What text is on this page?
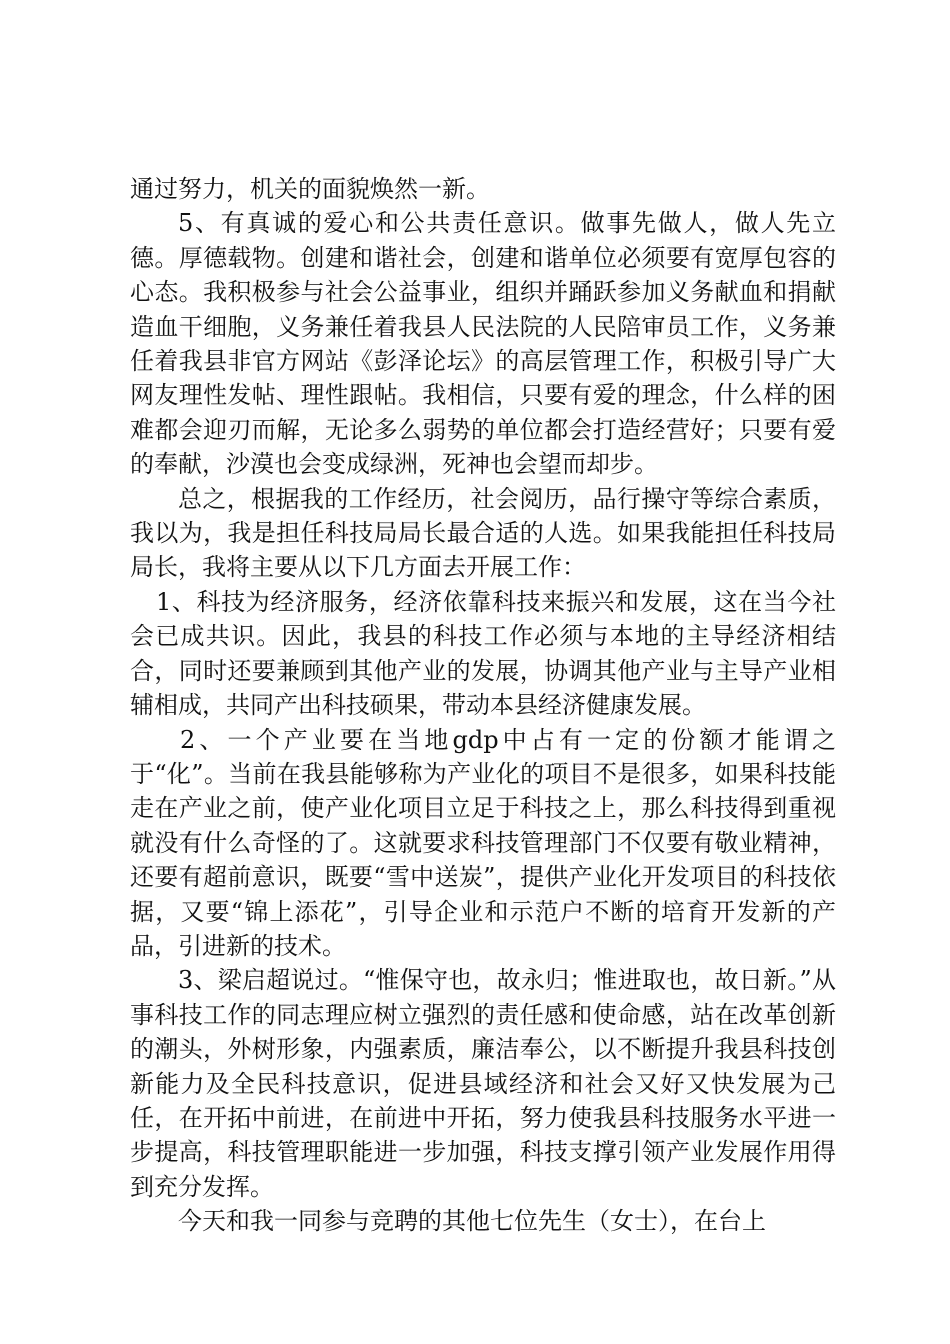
通过努力，机关的面貌焕然一新。

5、有真诚的爱心和公共责任意识。做事先做人，做人先立德。厚德载物。创建和谐社会，创建和谐单位必须要有宽厚包容的心态。我积极参与社会公益事业，组织并踊跃参加义务献血和捐献造血干细胞，义务兼任着我县人民法院的人民陪审员工作，义务兼任着我县非官方网站《彭泽论坛》的高层管理工作，积极引导广大网友理性发帖、理性跟帖。我相信，只要有爱的理念，什么样的困难都会迎刃而解，无论多么弱势的单位都会打造经营好；只要有爱的奉献，沙漠也会变成绿洲，死神也会望而却步。

总之，根据我的工作经历，社会阅历，品行操守等综合素质，我以为，我是担任科技局局长最合适的人选。如果我能担任科技局局长，我将主要从以下几方面去开展工作：

1、科技为经济服务，经济依靠科技来振兴和发展，这在当今社会已成共识。因此，我县的科技工作必须与本地的主导经济相结合，同时还要兼顾到其他产业的发展，协调其他产业与主导产业相辅相成，共同产出科技硕果，带动本县经济健康发展。

2、一个产业要在当地gdp中占有一定的份额才能谓之于“化”。当前在我县能够称为产业化的项目不是很多，如果科技能走在产业之前，使产业化项目立足于科技之上，那么科技得到重视就没有什么奇怪的了。这就要求科技管理部门不仅要有敬业精神，还要有超前意识，既要“雪中送炭”，提供产业化开发项目的科技依据，又要“锦上添花”，引导企业和示范户不断的培育开发新的产品，引进新的技术。

3、梁启超说过。“惟保守也，故永归；惟进取也，故日新。”从事科技工作的同志理应树立强烈的责任感和使命感，站在改革创新的潮头，外树形象，内强素质，廉洁奉公，以不断提升我县科技创新能力及全民科技意识，促进县域经济和社会又好又快发展为己任，在开拓中前进，在前进中开拓，努力使我县科技服务水平进一步提高，科技管理职能进一步加强，科技支撑引领产业发展作用得到充分发挥。

今天和我一同参与竞聘的其他七位先生（女士），在台上
